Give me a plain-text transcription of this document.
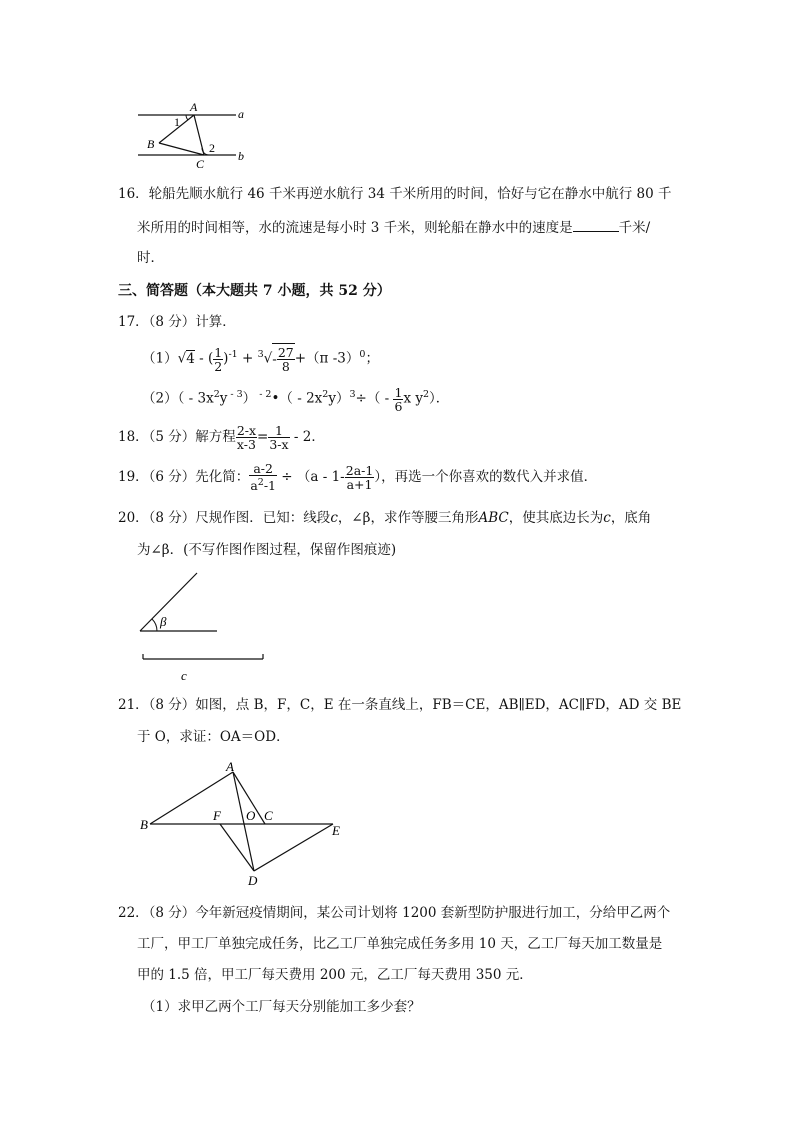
A
B
C
a
b
1
2
16．轮船先顺水航行 46 千米再逆水航行 34 千米所用的时间，恰好与它在静水中航行 80 千
米所用的时间相等，水的流速是每小时 3 千米，则轮船在静水中的速度是	千米/
时．
三、简答题（本大题共 7 小题，共 52 分）
17．（8 分）计算．
（1）√4 - ( $\frac{1}{2} )^{-1} + ^3√- \frac{27}{8} +(\pi$ -3）$^0$；
$(2)( - 3x^2y$ $^{- 3}$） $^{- 2}$•（ - $2x^2y)^3\div( - \frac{1}{6}$ x $y^2$）．
18．（5 分）解方程 $\frac{2-x}{x-3} = \frac{1}{3-x} - 2$．
19．（6 分）先化简： $\frac{a-2}{a^2-1} \div (a - 1- \frac{2a-1}{a+1}$ ），再选一个你喜欢的数代入并求值．
20．（8 分）尺规作图．已知：线段c，∠β，求作等腰三角形ABC，使其底边长为c，底角
为∠β．(不写作图作图过程，保留作图痕迹)
β
c
21．（8 分）如图，点 B，F，C，E 在一条直线上，FB＝CE，AB∥ED，AC∥FD，AD 交 BE
于 O，求证：OA＝OD．
A
B
F O C
E
D
22．（8 分）今年新冠疫情期间，某公司计划将 1200 套新型防护服进行加工，分给甲乙两个
工厂，甲工厂单独完成任务，比乙工厂单独完成任务多用 10 天，乙工厂每天加工数量是
甲的 1.5 倍，甲工厂每天费用 200 元，乙工厂每天费用 350 元．
（1）求甲乙两个工厂每天分别能加工多少套？
